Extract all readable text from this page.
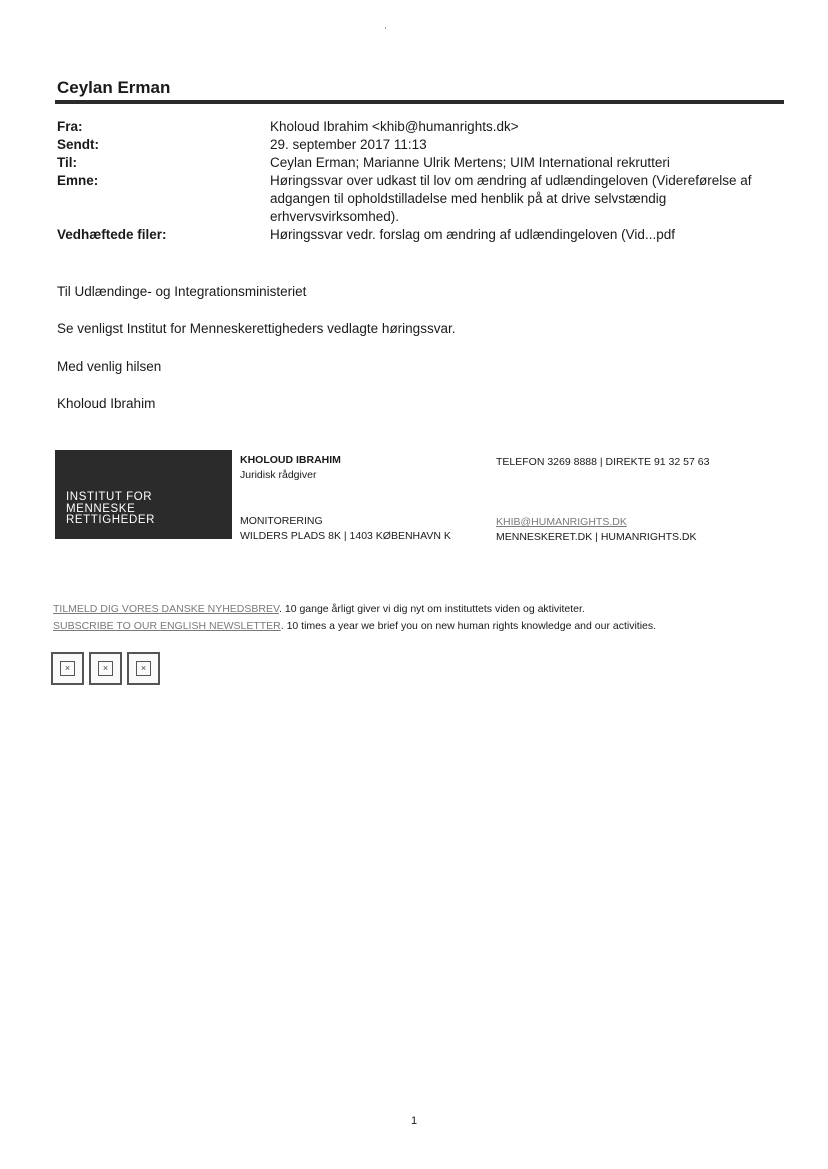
Ceylan Erman
Fra:	Kholoud Ibrahim <khib@humanrights.dk>
Sendt:	29. september 2017 11:13
Til:	Ceylan Erman; Marianne Ulrik Mertens; UIM International rekrutteri
Emne:	Høringssvar over udkast til lov om ændring af udlændingeloven (Videreførelse af adgangen til opholdstilladelse med henblik på at drive selvstændig erhvervsvirksomhed).
Vedhæftede filer:	Høringssvar vedr. forslag om ændring af udlændingeloven (Vid...pdf
Til Udlændinge- og Integrationsministeriet
Se venligst Institut for Menneskerettigheders vedlagte høringssvar.
Med venlig hilsen
Kholoud Ibrahim
INSTITUT FOR
MENNESKE
RETTIGHEDER
KHOLOUD IBRAHIM
Juridisk rådgiver
MONITORERING
WILDERS PLADS 8K | 1403 KØBENHAVN K
TELEFON 3269 8888 | DIREKTE 91 32 57 63
KHIB@HUMANRIGHTS.DK
MENNESKERET.DK | HUMANRIGHTS.DK
TILMELD DIG VORES DANSKE NYHEDSBREV. 10 gange årligt giver vi dig nyt om instituttets viden og aktiviteter.
SUBSCRIBE TO OUR ENGLISH NEWSLETTER. 10 times a year we brief you on new human rights knowledge and our activities.
×	×	×
1
